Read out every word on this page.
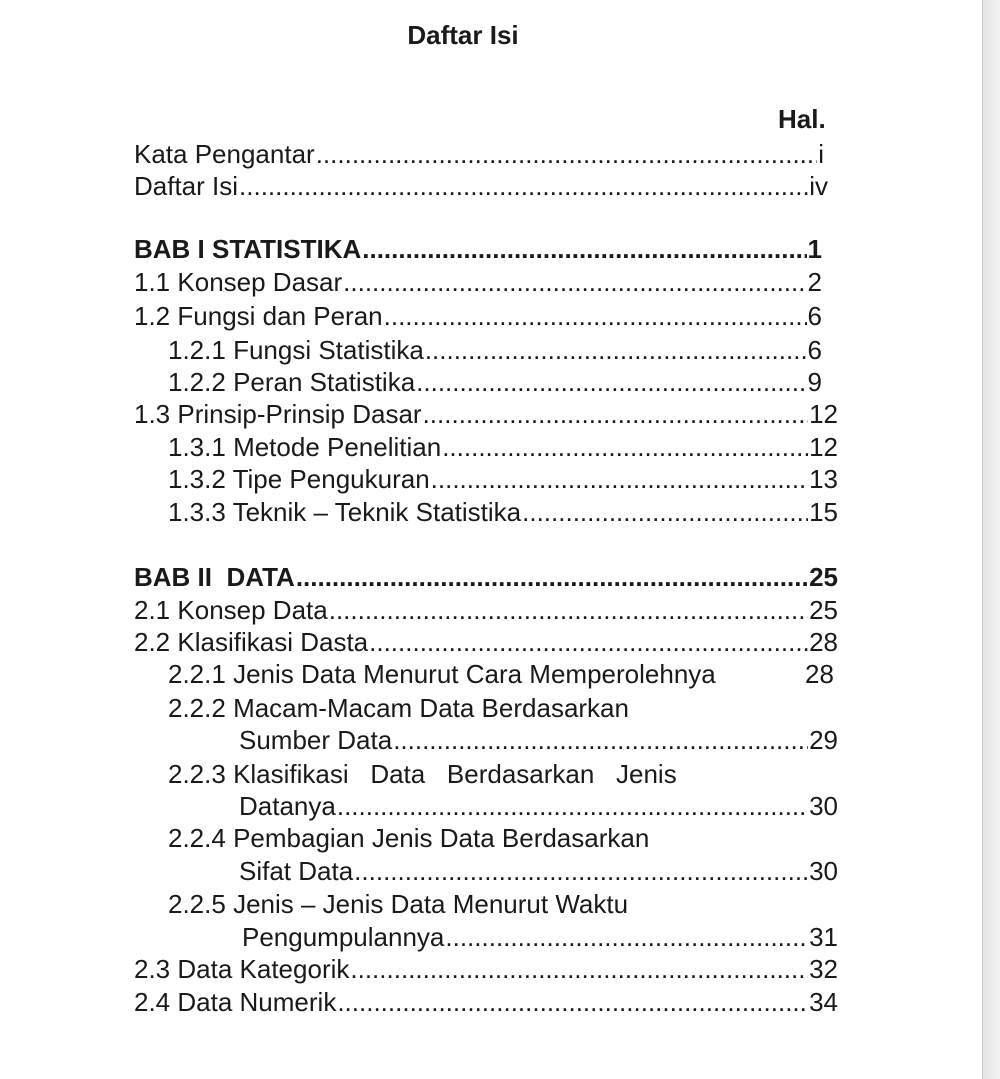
Daftar Isi
Hal.
Kata Pengantar .....	i
Daftar Isi .....	iv
BAB I STATISTIKA .....	1
1.1 Konsep Dasar .....	2
1.2 Fungsi dan Peran .....	6
1.2.1 Fungsi Statistika .....	6
1.2.2 Peran Statistika .....	9
1.3 Prinsip-Prinsip Dasar .....	12
1.3.1 Metode Penelitian .....	12
1.3.2 Tipe Pengukuran .....	13
1.3.3 Teknik – Teknik Statistika .....	15
BAB II  DATA .....	25
2.1 Konsep Data .....	25
2.2 Klasifikasi Dasta .....	28
2.2.1 Jenis Data Menurut Cara Memperolehnya	28
2.2.2 Macam-Macam Data Berdasarkan
Sumber Data .....	29
2.2.3 Klasifikasi   Data   Berdasarkan   Jenis
Datanya .....	30
2.2.4 Pembagian Jenis Data Berdasarkan
Sifat Data .....	30
2.2.5 Jenis – Jenis Data Menurut Waktu
Pengumpulannya .....	31
2.3 Data Kategorik .....	32
2.4 Data Numerik .....	34
